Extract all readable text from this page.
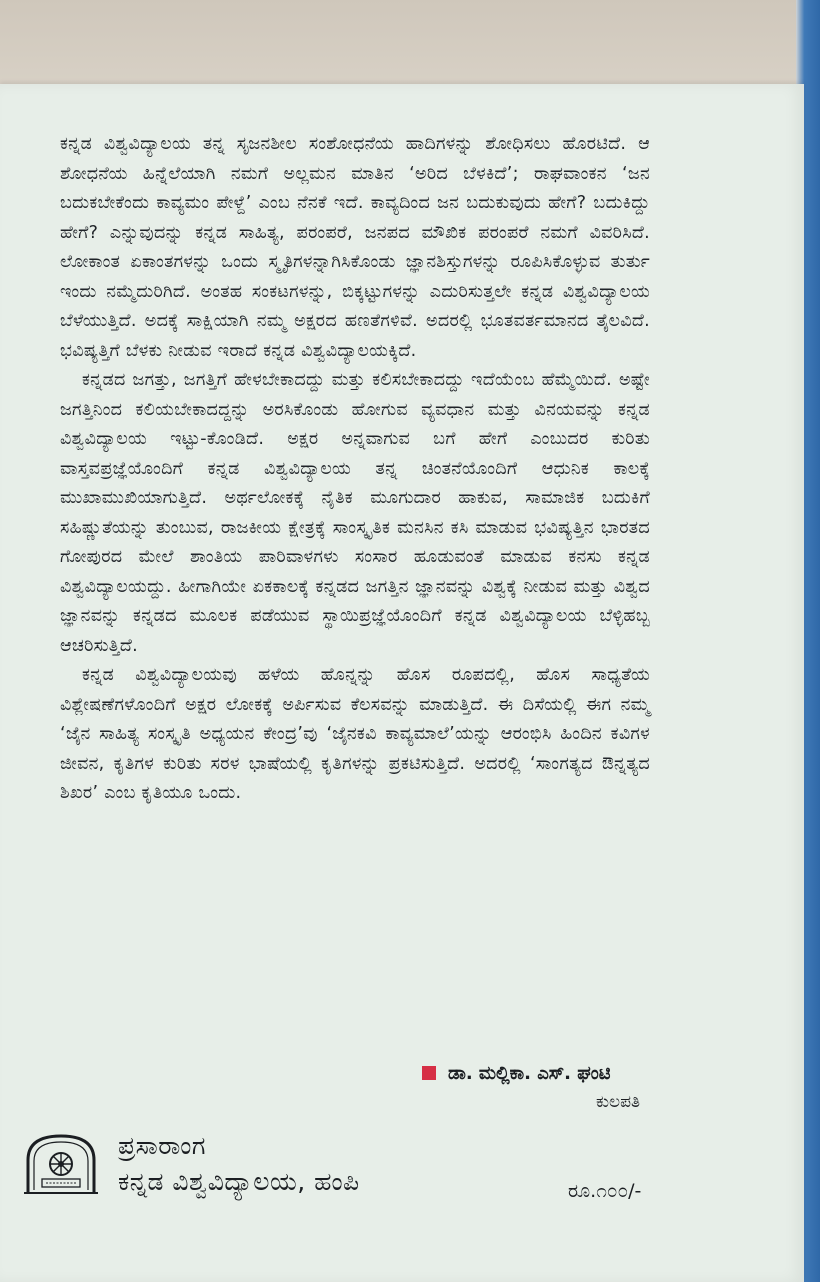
ಕನ್ನಡ ವಿಶ್ವವಿದ್ಯಾಲಯ ತನ್ನ ಸೃಜನಶೀಲ ಸಂಶೋಧನೆಯ ಹಾದಿಗಳನ್ನು ಶೋಧಿಸಲು ಹೊರಟಿದೆ. ಆ ಶೋಧನೆಯ ಹಿನ್ನೆಲೆಯಾಗಿ ನಮಗೆ ಅಲ್ಲಮನ ಮಾತಿನ ‘ಅರಿದ ಬೆಳಕಿದೆ’; ರಾಘವಾಂಕನ ‘ಜನ ಬದುಕಬೇಕೆಂದು ಕಾವ್ಯಮಂ ಪೇಳ್ದೆ’ ಎಂಬ ನೆನಕೆ ಇದೆ. ಕಾವ್ಯದಿಂದ ಜನ ಬದುಕುವುದು ಹೇಗೆ? ಬದುಕಿದ್ದು ಹೇಗೆ? ಎನ್ನುವುದನ್ನು ಕನ್ನಡ ಸಾಹಿತ್ಯ, ಪರಂಪರೆ, ಜನಪದ ಮೌಖಿಕ ಪರಂಪರೆ ನಮಗೆ ವಿವರಿಸಿದೆ. ಲೋಕಾಂತ ಏಕಾಂತಗಳನ್ನು ಒಂದು ಸ್ಮೃತಿಗಳನ್ನಾಗಿಸಿಕೊಂಡು ಜ್ಞಾನಶಿಸ್ತುಗಳನ್ನು ರೂಪಿಸಿಕೊಳ್ಳುವ ತುರ್ತು ಇಂದು ನಮ್ಮೆದುರಿಗಿದೆ. ಅಂತಹ ಸಂಕಟಗಳನ್ನು, ಬಿಕ್ಕಟ್ಟುಗಳನ್ನು ಎದುರಿಸುತ್ತಲೇ ಕನ್ನಡ ವಿಶ್ವವಿದ್ಯಾಲಯ ಬೆಳೆಯುತ್ತಿದೆ. ಅದಕ್ಕೆ ಸಾಕ್ಷಿಯಾಗಿ ನಮ್ಮ ಅಕ್ಷರದ ಹಣತೆಗಳಿವೆ. ಅದರಲ್ಲಿ ಭೂತವರ್ತಮಾನದ ತೈಲವಿದೆ. ಭವಿಷ್ಯತ್ತಿಗೆ ಬೆಳಕು ನೀಡುವ ಇರಾದೆ ಕನ್ನಡ ವಿಶ್ವವಿದ್ಯಾಲಯಕ್ಕಿದೆ.

ಕನ್ನಡದ ಜಗತ್ತು, ಜಗತ್ತಿಗೆ ಹೇಳಬೇಕಾದದ್ದು ಮತ್ತು ಕಲಿಸಬೇಕಾದದ್ದು ಇದೆಯೆಂಬ ಹೆಮ್ಮೆಯಿದೆ. ಅಷ್ಟೇ ಜಗತ್ತಿನಿಂದ ಕಲಿಯಬೇಕಾದದ್ದನ್ನು ಅರಸಿಕೊಂಡು ಹೋಗುವ ವ್ಯವಧಾನ ಮತ್ತು ವಿನಯವನ್ನು ಕನ್ನಡ ವಿಶ್ವವಿದ್ಯಾಲಯ ಇಟ್ಟು-ಕೊಂಡಿದೆ. ಅಕ್ಷರ ಅನ್ನವಾಗುವ ಬಗೆ ಹೇಗೆ ಎಂಬುದರ ಕುರಿತು ವಾಸ್ತವಪ್ರಜ್ಞೆಯೊಂದಿಗೆ ಕನ್ನಡ ವಿಶ್ವವಿದ್ಯಾಲಯ ತನ್ನ ಚಿಂತನೆಯೊಂದಿಗೆ ಆಧುನಿಕ ಕಾಲಕ್ಕೆ ಮುಖಾಮುಖಿಯಾಗುತ್ತಿದೆ. ಅರ್ಥಲೋಕಕ್ಕೆ ನೈತಿಕ ಮೂಗುದಾರ ಹಾಕುವ, ಸಾಮಾಜಿಕ ಬದುಕಿಗೆ ಸಹಿಷ್ಣುತೆಯನ್ನು ತುಂಬುವ, ರಾಜಕೀಯ ಕ್ಷೇತ್ರಕ್ಕೆ ಸಾಂಸ್ಕೃತಿಕ ಮನಸಿನ ಕಸಿ ಮಾಡುವ ಭವಿಷ್ಯತ್ತಿನ ಭಾರತದ ಗೋಪುರದ ಮೇಲೆ ಶಾಂತಿಯ ಪಾರಿವಾಳಗಳು ಸಂಸಾರ ಹೂಡುವಂತೆ ಮಾಡುವ ಕನಸು ಕನ್ನಡ ವಿಶ್ವವಿದ್ಯಾಲಯದ್ದು. ಹೀಗಾಗಿಯೇ ಏಕಕಾಲಕ್ಕೆ ಕನ್ನಡದ ಜಗತ್ತಿನ ಜ್ಞಾನವನ್ನು ವಿಶ್ವಕ್ಕೆ ನೀಡುವ ಮತ್ತು ವಿಶ್ವದ ಜ್ಞಾನವನ್ನು ಕನ್ನಡದ ಮೂಲಕ ಪಡೆಯುವ ಸ್ಥಾಯಿಪ್ರಜ್ಞೆಯೊಂದಿಗೆ ಕನ್ನಡ ವಿಶ್ವವಿದ್ಯಾಲಯ ಬೆಳ್ಳಿಹಬ್ಬ ಆಚರಿಸುತ್ತಿದೆ.

ಕನ್ನಡ ವಿಶ್ವವಿದ್ಯಾಲಯವು ಹಳೆಯ ಹೊನ್ನನ್ನು ಹೊಸ ರೂಪದಲ್ಲಿ, ಹೊಸ ಸಾಧ್ಯತೆಯ ವಿಶ್ಲೇಷಣೆಗಳೊಂದಿಗೆ ಅಕ್ಷರ ಲೋಕಕ್ಕೆ ಅರ್ಪಿಸುವ ಕೆಲಸವನ್ನು ಮಾಡುತ್ತಿದೆ. ಈ ದಿಸೆಯಲ್ಲಿ ಈಗ ನಮ್ಮ ‘ಜೈನ ಸಾಹಿತ್ಯ ಸಂಸ್ಕೃತಿ ಅಧ್ಯಯನ ಕೇಂದ್ರ’ವು ‘ಜೈನಕವಿ ಕಾವ್ಯಮಾಲೆ’ಯನ್ನು ಆರಂಭಿಸಿ ಹಿಂದಿನ ಕವಿಗಳ ಜೀವನ, ಕೃತಿಗಳ ಕುರಿತು ಸರಳ ಭಾಷೆಯಲ್ಲಿ ಕೃತಿಗಳನ್ನು ಪ್ರಕಟಿಸುತ್ತಿದೆ. ಅದರಲ್ಲಿ ‘ಸಾಂಗತ್ಯದ ಔನ್ನತ್ಯದ ಶಿಖರ’ ಎಂಬ ಕೃತಿಯೂ ಒಂದು.

ಡಾ. ಮಲ್ಲಿಕಾ. ಎಸ್. ಘಂಟಿ
ಕುಲಪತಿ
ಪ್ರಸಾರಾಂಗ
ಕನ್ನಡ ವಿಶ್ವವಿದ್ಯಾಲಯ, ಹಂಪಿ	ರೂ.೧೦೦/-
